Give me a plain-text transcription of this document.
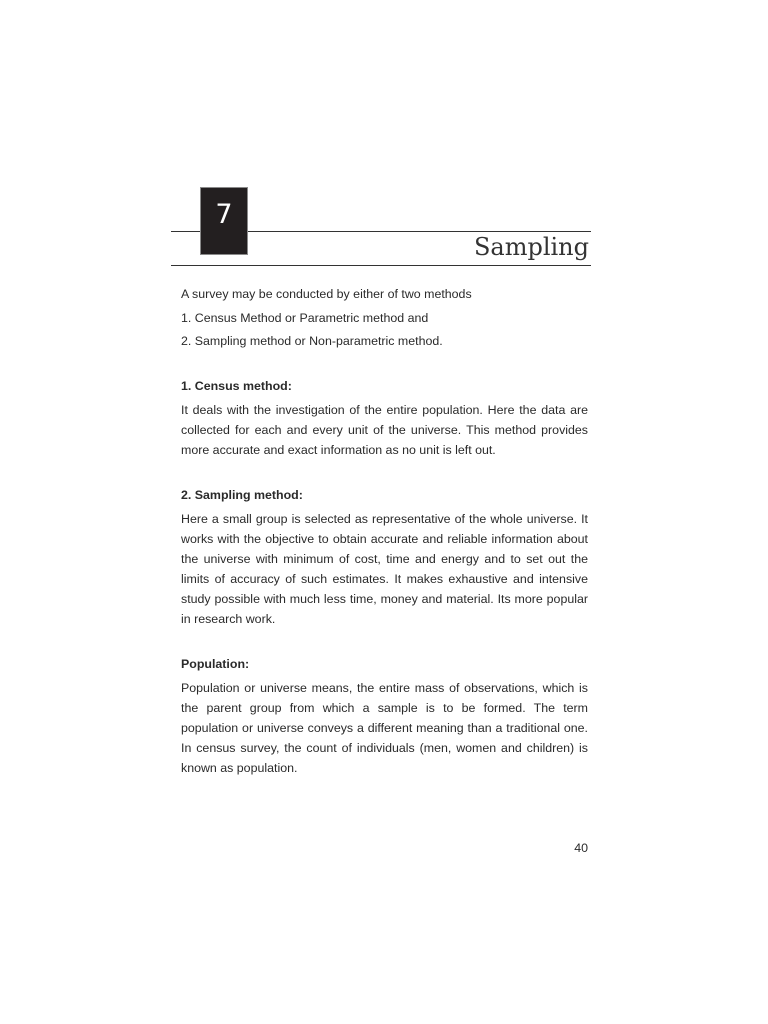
7
Sampling

A survey may be conducted by either of two methods

1. Census Method or Parametric method and

2. Sampling method or Non-parametric method.

1. Census method:

It deals with the investigation of the entire population. Here the data are collected for each and every unit of the universe. This method provides more accurate and exact information as no unit is left out.

2. Sampling method:

Here a small group is selected as representative of the whole universe. It works with the objective to obtain accurate and reliable information about the universe with minimum of cost, time and energy and to set out the limits of accuracy of such estimates. It makes exhaustive and intensive study possible with much less time, money and material. Its more popular in research work.

Population:

Population or universe means, the entire mass of observations, which is the parent group from which a sample is to be formed. The term population or universe conveys a different meaning than a traditional one. In census survey, the count of individuals (men, women and children) is known as population.

40
